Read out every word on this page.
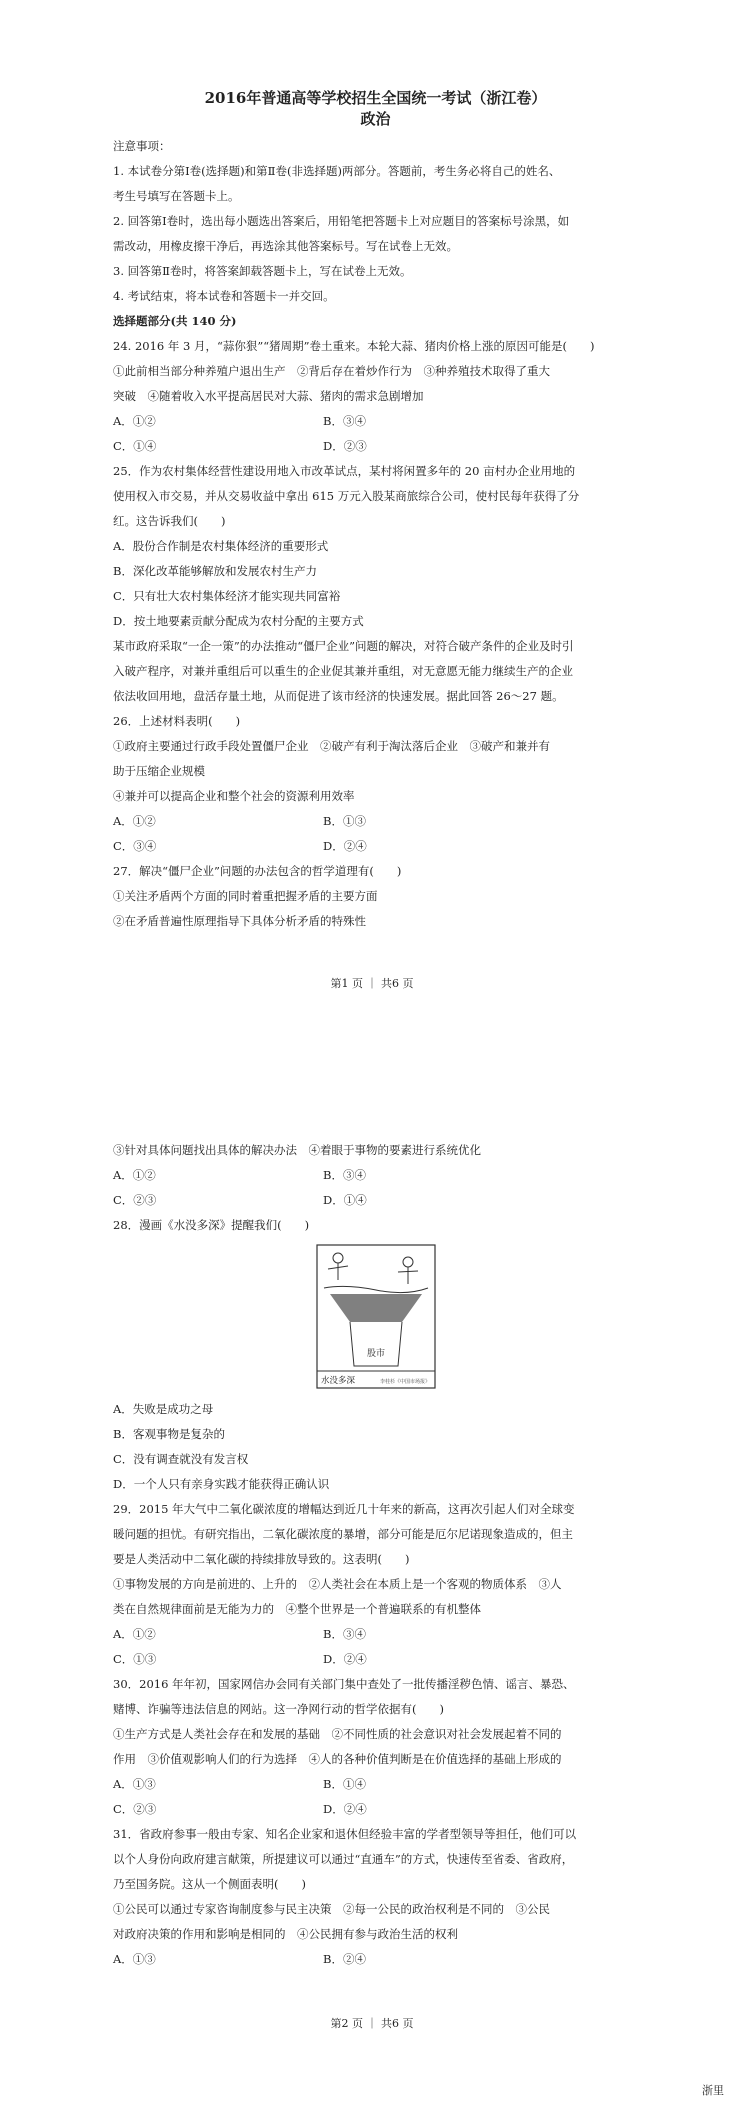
2016年普通高等学校招生全国统一考试（浙江卷）

政治

注意事项：

1. 本试卷分第Ⅰ卷(选择题)和第Ⅱ卷(非选择题)两部分。答题前，考生务必将自己的姓名、

考生号填写在答题卡上。

2. 回答第Ⅰ卷时，选出每小题选出答案后，用铅笔把答题卡上对应题目的答案标号涂黑，如

需改动，用橡皮擦干净后，再选涂其他答案标号。写在试卷上无效。

3. 回答第Ⅱ卷时，将答案卸载答题卡上，写在试卷上无效。

4. 考试结束，将本试卷和答题卡一并交回。

选择题部分(共 140 分)

24. 2016 年 3 月，“蒜你狠”“猪周期”卷土重来。本轮大蒜、猪肉价格上涨的原因可能是(　　)

①此前相当部分种养殖户退出生产　②背后存在着炒作行为　③种养殖技术取得了重大

突破　④随着收入水平提高居民对大蒜、猪肉的需求急剧增加

A．①②	B．③④
C．①④	D．②③

25．作为农村集体经营性建设用地入市改革试点，某村将闲置多年的 20 亩村办企业用地的

使用权入市交易，并从交易收益中拿出 615 万元入股某商旅综合公司，使村民每年获得了分

红。这告诉我们(　　)

A．股份合作制是农村集体经济的重要形式

B．深化改革能够解放和发展农村生产力

C．只有壮大农村集体经济才能实现共同富裕

D．按土地要素贡献分配成为农村分配的主要方式

某市政府采取“一企一策”的办法推动“僵尸企业”问题的解决，对符合破产条件的企业及时引

入破产程序，对兼并重组后可以重生的企业促其兼并重组，对无意愿无能力继续生产的企业

依法收回用地，盘活存量土地，从而促进了该市经济的快速发展。据此回答 26～27 题。

26．上述材料表明(　　)

①政府主要通过行政手段处置僵尸企业　②破产有利于淘汰落后企业　③破产和兼并有

助于压缩企业规模

④兼并可以提高企业和整个社会的资源利用效率

A．①②	B．①③
C．③④	D．②④

27．解决“僵尸企业”问题的办法包含的哲学道理有(　　)

①关注矛盾两个方面的同时着重把握矛盾的主要方面

②在矛盾普遍性原理指导下具体分析矛盾的特殊性

第1 页 ｜ 共6 页

③针对具体问题找出具体的解决办法　④着眼于事物的要素进行系统优化

A．①②	B．③④
C．②③	D．①④

28．漫画《水没多深》提醒我们(　　)

股市
水没多深	李桂杉《中国市场报》

A．失败是成功之母

B．客观事物是复杂的

C．没有调查就没有发言权

D．一个人只有亲身实践才能获得正确认识

29．2015 年大气中二氧化碳浓度的增幅达到近几十年来的新高，这再次引起人们对全球变

暖问题的担忧。有研究指出，二氧化碳浓度的暴增，部分可能是厄尔尼诺现象造成的，但主

要是人类活动中二氧化碳的持续排放导致的。这表明(　　)

①事物发展的方向是前进的、上升的　②人类社会在本质上是一个客观的物质体系　③人

类在自然规律面前是无能为力的　④整个世界是一个普遍联系的有机整体

A．①②	B．③④
C．①③	D．②④

30．2016 年年初，国家网信办会同有关部门集中查处了一批传播淫秽色情、谣言、暴恐、

赌博、诈骗等违法信息的网站。这一净网行动的哲学依据有(　　)

①生产方式是人类社会存在和发展的基础　②不同性质的社会意识对社会发展起着不同的

作用　③价值观影响人们的行为选择　④人的各种价值判断是在价值选择的基础上形成的

A．①③	B．①④
C．②③	D．②④

31．省政府参事一般由专家、知名企业家和退休但经验丰富的学者型领导等担任，他们可以

以个人身份向政府建言献策，所提建议可以通过“直通车”的方式，快速传至省委、省政府，

乃至国务院。这从一个侧面表明(　　)

①公民可以通过专家咨询制度参与民主决策　②每一公民的政治权利是不同的　③公民

对政府决策的作用和影响是相同的　④公民拥有参与政治生活的权利

A．①③	B．②④
第2 页 ｜ 共6 页
浙里
